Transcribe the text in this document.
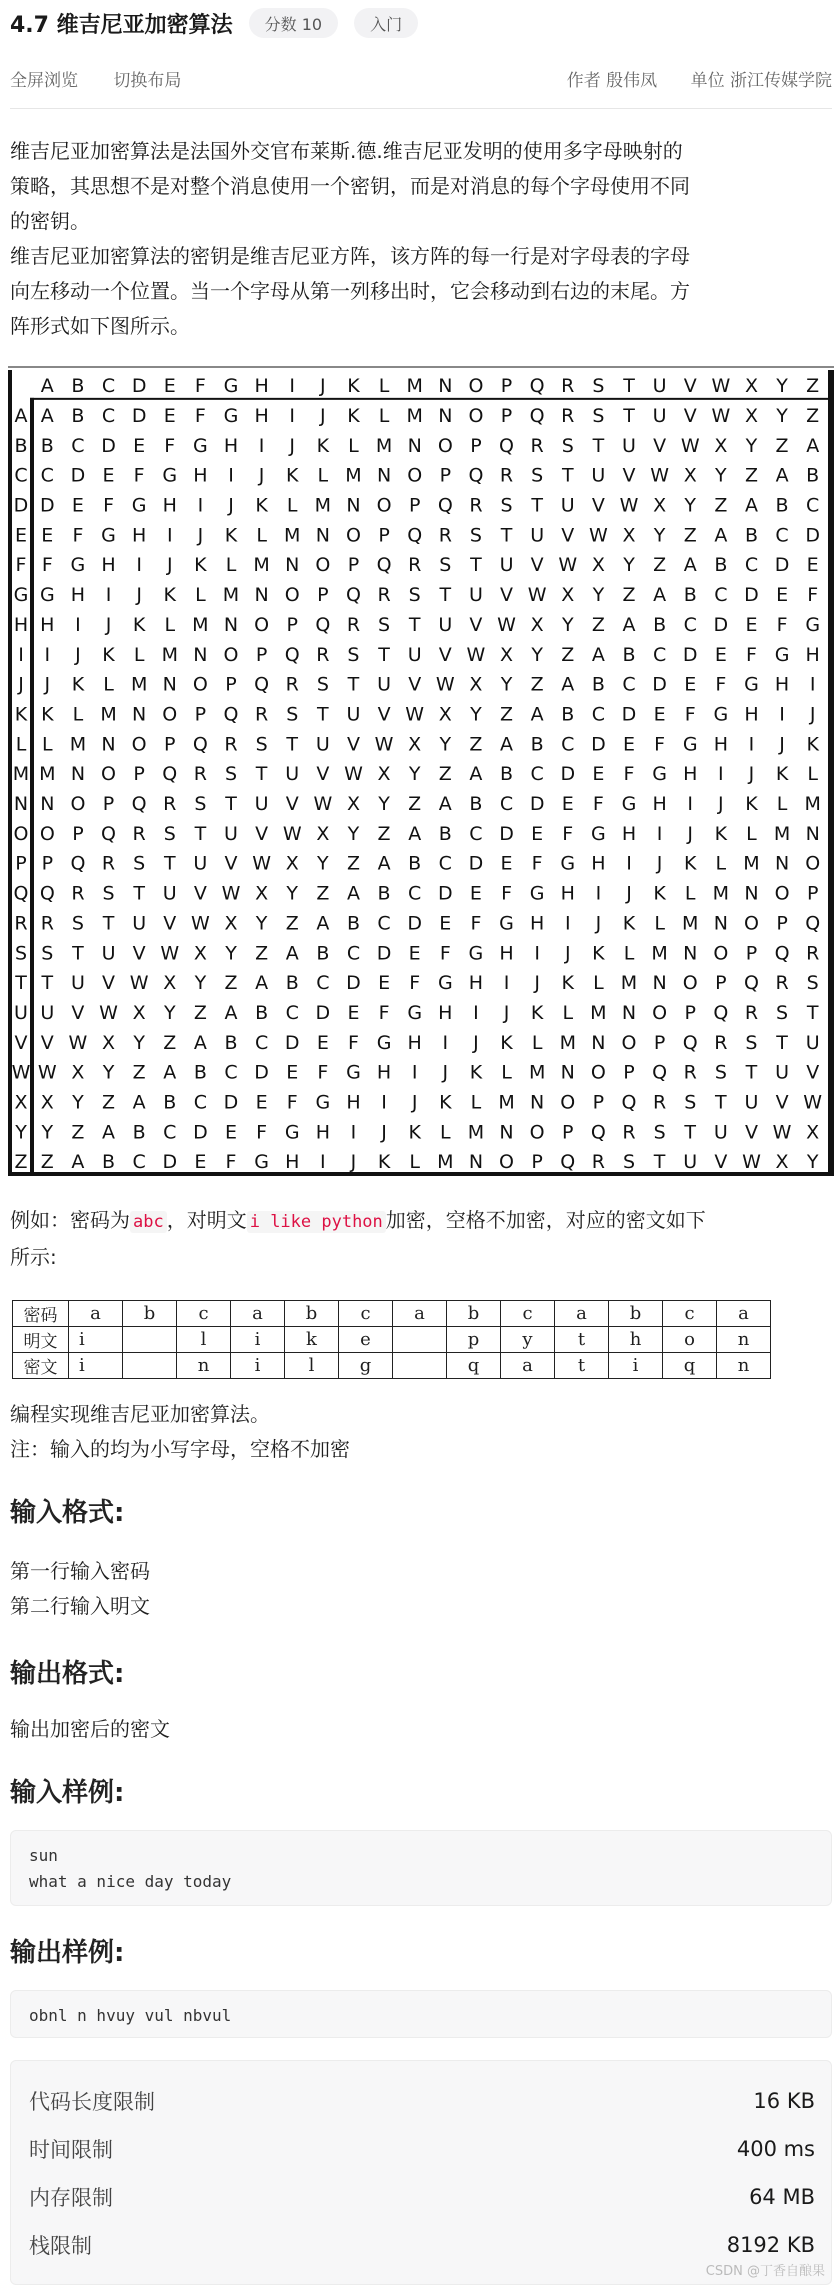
4.7 维吉尼亚加密算法	分数 10	入门
全屏浏览 切换布局	作者 殷伟凤 单位 浙江传媒学院
维吉尼亚加密算法是法国外交官布莱斯.德.维吉尼亚发明的使用多字母映射的
策略，其思想不是对整个消息使用一个密钥，而是对消息的每个字母使用不同
的密钥。
维吉尼亚加密算法的密钥是维吉尼亚方阵，该方阵的每一行是对字母表的字母
向左移动一个位置。当一个字母从第一列移出时，它会移动到右边的末尾。方
阵形式如下图所示。
A B C D E F G H I J K L M N O P Q R S T U V W X Y Z
A A B C D E F G H I J K L M N O P Q R S T U V W X Y Z
B B C D E F G H I J K L M N O P Q R S T U V W X Y Z A
C C D E F G H I J K L M N O P Q R S T U V W X Y Z A B
D D E F G H I J K L M N O P Q R S T U V W X Y Z A B C
E E F G H I J K L M N O P Q R S T U V W X Y Z A B C D
F F G H I J K L M N O P Q R S T U V W X Y Z A B C D E
G G H I J K L M N O P Q R S T U V W X Y Z A B C D E F
H H I J K L M N O P Q R S T U V W X Y Z A B C D E F G
I I J K L M N O P Q R S T U V W X Y Z A B C D E F G H
J J K L M N O P Q R S T U V W X Y Z A B C D E F G H I
K K L M N O P Q R S T U V W X Y Z A B C D E F G H I J
L L M N O P Q R S T U V W X Y Z A B C D E F G H I J K
M M N O P Q R S T U V W X Y Z A B C D E F G H I J K L
N N O P Q R S T U V W X Y Z A B C D E F G H I J K L M
O O P Q R S T U V W X Y Z A B C D E F G H I J K L M N
P P Q R S T U V W X Y Z A B C D E F G H I J K L M N O
Q Q R S T U V W X Y Z A B C D E F G H I J K L M N O P
R R S T U V W X Y Z A B C D E F G H I J K L M N O P Q
S S T U V W X Y Z A B C D E F G H I J K L M N O P Q R
T T U V W X Y Z A B C D E F G H I J K L M N O P Q R S
U U V W X Y Z A B C D E F G H I J K L M N O P Q R S T
V V W X Y Z A B C D E F G H I J K L M N O P Q R S T U
W W X Y Z A B C D E F G H I J K L M N O P Q R S T U V
X X Y Z A B C D E F G H I J K L M N O P Q R S T U V W
Y Y Z A B C D E F G H I J K L M N O P Q R S T U V W X
Z Z A B C D E F G H I J K L M N O P Q R S T U V W X Y
例如：密码为 abc ，对明文 i like python 加密，空格不加密，对应的密文如下
所示:
密码	a	b	c	a	b	c	a	b	c	a	b	c	a
明文	i		l	i	k	e		p	y	t	h	o	n
密文	i		n	i	l	g		q	a	t	i	q	n
编程实现维吉尼亚加密算法。
注：输入的均为小写字母，空格不加密
输入格式:
第一行输入密码
第二行输入明文
输出格式:
输出加密后的密文
输入样例:
sun
what a nice day today
输出样例:
obnl n hvuy vul nbvul
代码长度限制	16 KB
时间限制	400 ms
内存限制	64 MB
栈限制	8192 KB
CSDN @丁香自酿果
